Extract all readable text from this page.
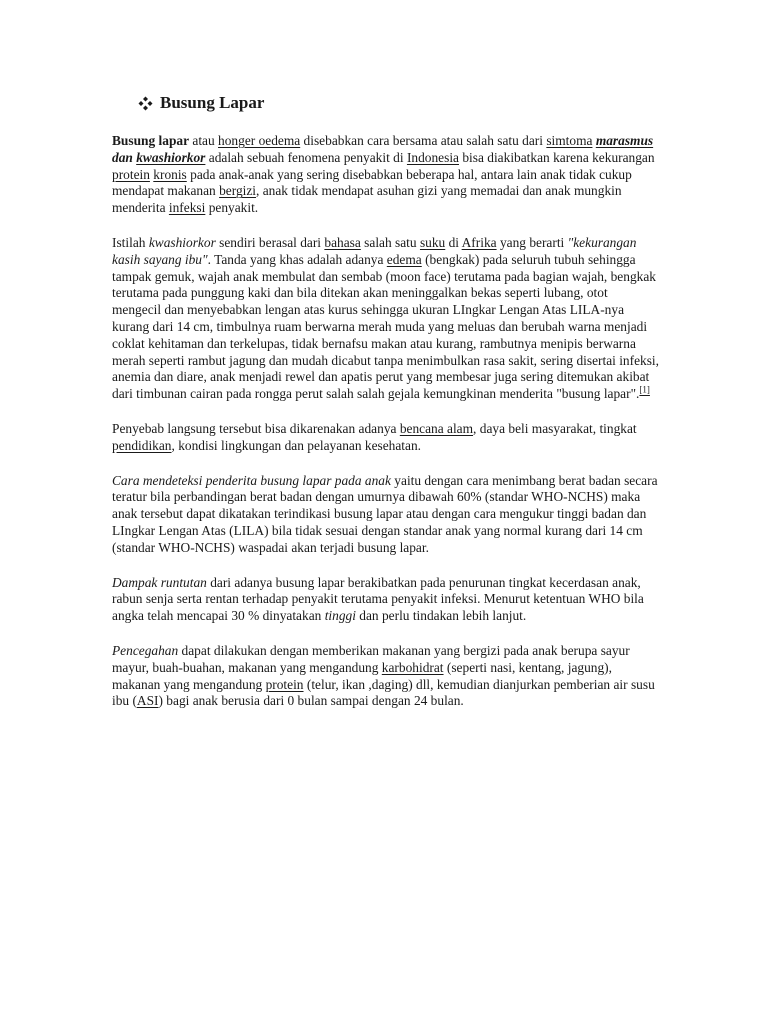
Busung Lapar

Busung lapar atau honger oedema disebabkan cara bersama atau salah satu dari simtoma marasmus dan kwashiorkor adalah sebuah fenomena penyakit di Indonesia bisa diakibatkan karena kekurangan protein kronis pada anak-anak yang sering disebabkan beberapa hal, antara lain anak tidak cukup mendapat makanan bergizi, anak tidak mendapat asuhan gizi yang memadai dan anak mungkin menderita infeksi penyakit.

Istilah kwashiorkor sendiri berasal dari bahasa salah satu suku di Afrika yang berarti "kekurangan kasih sayang ibu". Tanda yang khas adalah adanya edema (bengkak) pada seluruh tubuh sehingga tampak gemuk, wajah anak membulat dan sembab (moon face) terutama pada bagian wajah, bengkak terutama pada punggung kaki dan bila ditekan akan meninggalkan bekas seperti lubang, otot mengecil dan menyebabkan lengan atas kurus sehingga ukuran LIngkar Lengan Atas LILA-nya kurang dari 14 cm, timbulnya ruam berwarna merah muda yang meluas dan berubah warna menjadi coklat kehitaman dan terkelupas, tidak bernafsu makan atau kurang, rambutnya menipis berwarna merah seperti rambut jagung dan mudah dicabut tanpa menimbulkan rasa sakit, sering disertai infeksi, anemia dan diare, anak menjadi rewel dan apatis perut yang membesar juga sering ditemukan akibat dari timbunan cairan pada rongga perut salah salah gejala kemungkinan menderita "busung lapar".[1]

Penyebab langsung tersebut bisa dikarenakan adanya bencana alam, daya beli masyarakat, tingkat pendidikan, kondisi lingkungan dan pelayanan kesehatan.

Cara mendeteksi penderita busung lapar pada anak yaitu dengan cara menimbang berat badan secara teratur bila perbandingan berat badan dengan umurnya dibawah 60% (standar WHO-NCHS) maka anak tersebut dapat dikatakan terindikasi busung lapar atau dengan cara mengukur tinggi badan dan LIngkar Lengan Atas (LILA) bila tidak sesuai dengan standar anak yang normal kurang dari 14 cm (standar WHO-NCHS) waspadai akan terjadi busung lapar.

Dampak runtutan dari adanya busung lapar berakibatkan pada penurunan tingkat kecerdasan anak, rabun senja serta rentan terhadap penyakit terutama penyakit infeksi. Menurut ketentuan WHO bila angka telah mencapai 30 % dinyatakan tinggi dan perlu tindakan lebih lanjut.

Pencegahan dapat dilakukan dengan memberikan makanan yang bergizi pada anak berupa sayur mayur, buah-buahan, makanan yang mengandung karbohidrat (seperti nasi, kentang, jagung), makanan yang mengandung protein (telur, ikan ,daging) dll, kemudian dianjurkan pemberian air susu ibu (ASI) bagi anak berusia dari 0 bulan sampai dengan 24 bulan.
